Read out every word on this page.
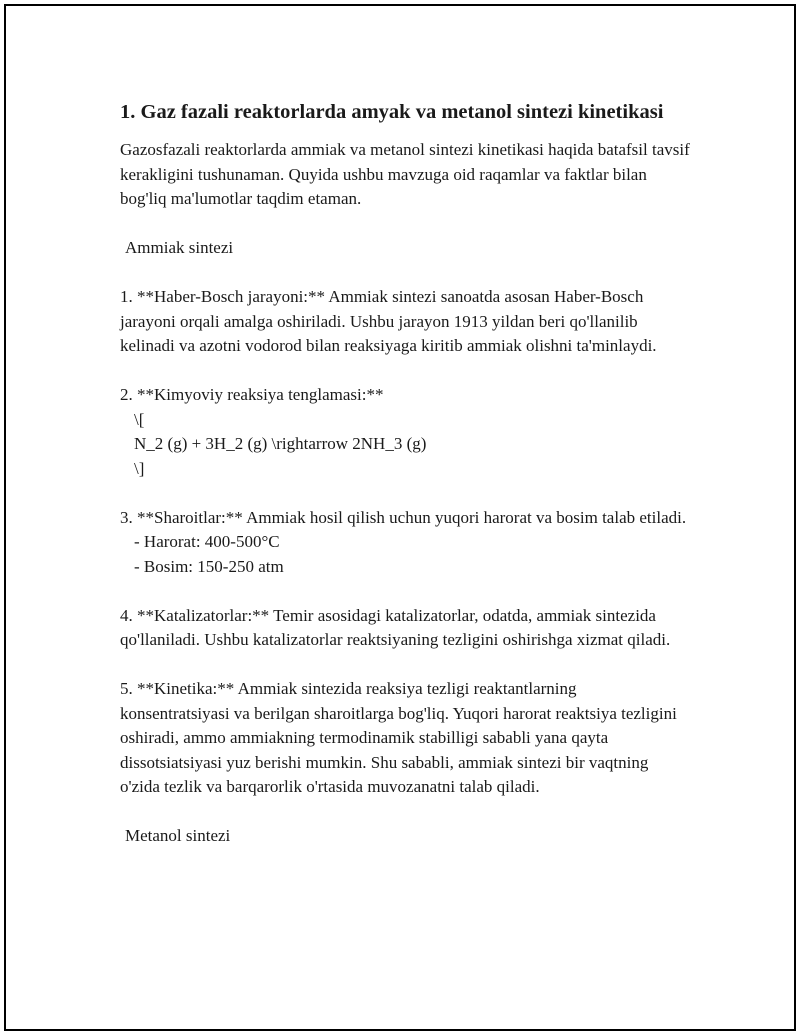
1. Gaz fazali reaktorlarda amyak va metanol sintezi kinetikasi

Gazosfazali reaktorlarda ammiak va metanol sintezi kinetikasi haqida batafsil tavsif kerakligini tushunaman. Quyida ushbu mavzuga oid raqamlar va faktlar bilan bog'liq ma'lumotlar taqdim etaman.

Ammiak sintezi

1. **Haber-Bosch jarayoni:** Ammiak sintezi sanoatda asosan Haber-Bosch jarayoni orqali amalga oshiriladi. Ushbu jarayon 1913 yildan beri qo'llanilib kelinadi va azotni vodorod bilan reaksiyaga kiritib ammiak olishni ta'minlaydi.

2. **Kimyoviy reaksiya tenglamasi:**

\[

N_2 (g) + 3H_2 (g) \rightarrow 2NH_3 (g)

\]

3. **Sharoitlar:** Ammiak hosil qilish uchun yuqori harorat va bosim talab etiladi.

- Harorat: 400-500°C

- Bosim: 150-250 atm

4. **Katalizatorlar:** Temir asosidagi katalizatorlar, odatda, ammiak sintezida qo'llaniladi. Ushbu katalizatorlar reaktsiyaning tezligini oshirishga xizmat qiladi.

5. **Kinetika:** Ammiak sintezida reaksiya tezligi reaktantlarning konsentratsiyasi va berilgan sharoitlarga bog'liq. Yuqori harorat reaktsiya tezligini oshiradi, ammo ammiakning termodinamik stabilligi sababli yana qayta dissotsiatsiyasi yuz berishi mumkin. Shu sababli, ammiak sintezi bir vaqtning o'zida tezlik va barqarorlik o'rtasida muvozanatni talab qiladi.

Metanol sintezi
